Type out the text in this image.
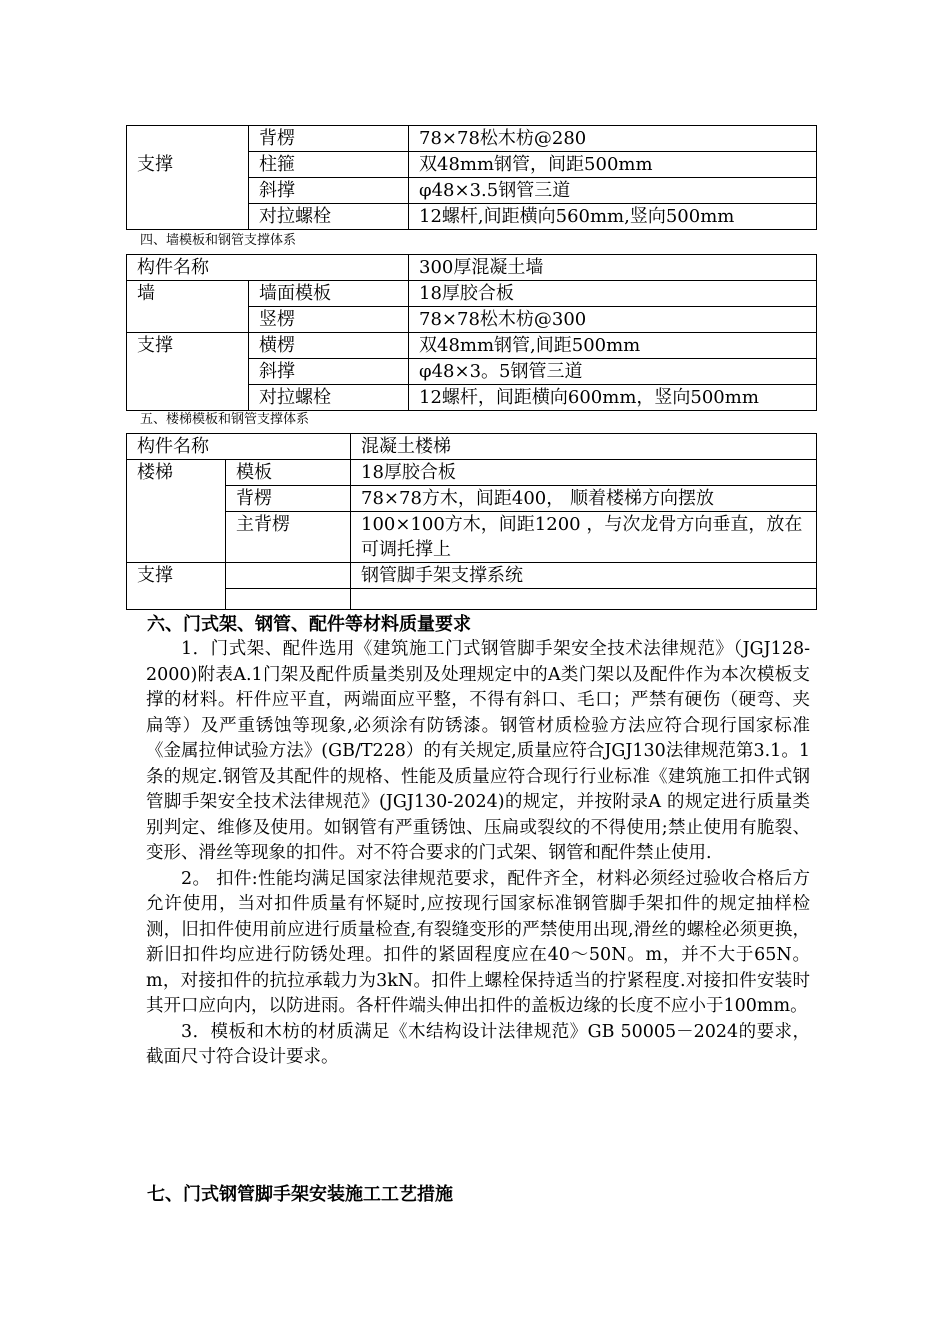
	背楞	78×78松木枋@280
支撑	柱箍	双48mm钢管，间距500mm
	斜撑	φ48×3.5钢管三道
	对拉螺栓	12螺杆,间距横向560mm,竖向500mm
四、墙模板和钢管支撑体系
构件名称		300厚混凝土墙
墙	墙面模板	18厚胶合板
	竖楞	78×78松木枋@300
支撑	横楞	双48mm钢管,间距500mm
	斜撑	φ48×3。5钢管三道
	对拉螺栓	12螺杆，间距横向600mm，竖向500mm
五、楼梯模板和钢管支撑体系
构件名称		混凝土楼梯
楼梯	模板	18厚胶合板
	背楞	78×78方木，间距400， 顺着楼梯方向摆放
	主背楞	100×100方木，间距1200 ，与次龙骨方向垂直，放在可调托撑上
支撑		钢管脚手架支撑系统

六、门式架、钢管、配件等材料质量要求

1．门式架、配件选用《建筑施工门式钢管脚手架安全技术法律规范》（JGJ128-2000)附表A.1门架及配件质量类别及处理规定中的A类门架以及配件作为本次模板支撑的材料。杆件应平直，两端面应平整，不得有斜口、毛口；严禁有硬伤（硬弯、夹扁等）及严重锈蚀等现象,必须涂有防锈漆。钢管材质检验方法应符合现行国家标准《金属拉伸试验方法》(GB/T228）的有关规定,质量应符合JGJ130法律规范第3.1。1条的规定.钢管及其配件的规格、性能及质量应符合现行行业标准《建筑施工扣件式钢管脚手架安全技术法律规范》(JGJ130-2024)的规定，并按附录A 的规定进行质量类别判定、维修及使用。如钢管有严重锈蚀、压扁或裂纹的不得使用;禁止使用有脆裂、变形、滑丝等现象的扣件。对不符合要求的门式架、钢管和配件禁止使用.

2。 扣件:性能均满足国家法律规范要求，配件齐全，材料必须经过验收合格后方允许使用，当对扣件质量有怀疑时,应按现行国家标准钢管脚手架扣件的规定抽样检测，旧扣件使用前应进行质量检查,有裂缝变形的严禁使用出现,滑丝的螺栓必须更换，新旧扣件均应进行防锈处理。扣件的紧固程度应在40～50N。m，并不大于65N。m，对接扣件的抗拉承载力为3kN。扣件上螺栓保持适当的拧紧程度.对接扣件安装时其开口应向内，以防进雨。各杆件端头伸出扣件的盖板边缘的长度不应小于100mm。

3．模板和木枋的材质满足《木结构设计法律规范》GB 50005－2024的要求，截面尺寸符合设计要求。

七、门式钢管脚手架安装施工工艺措施
